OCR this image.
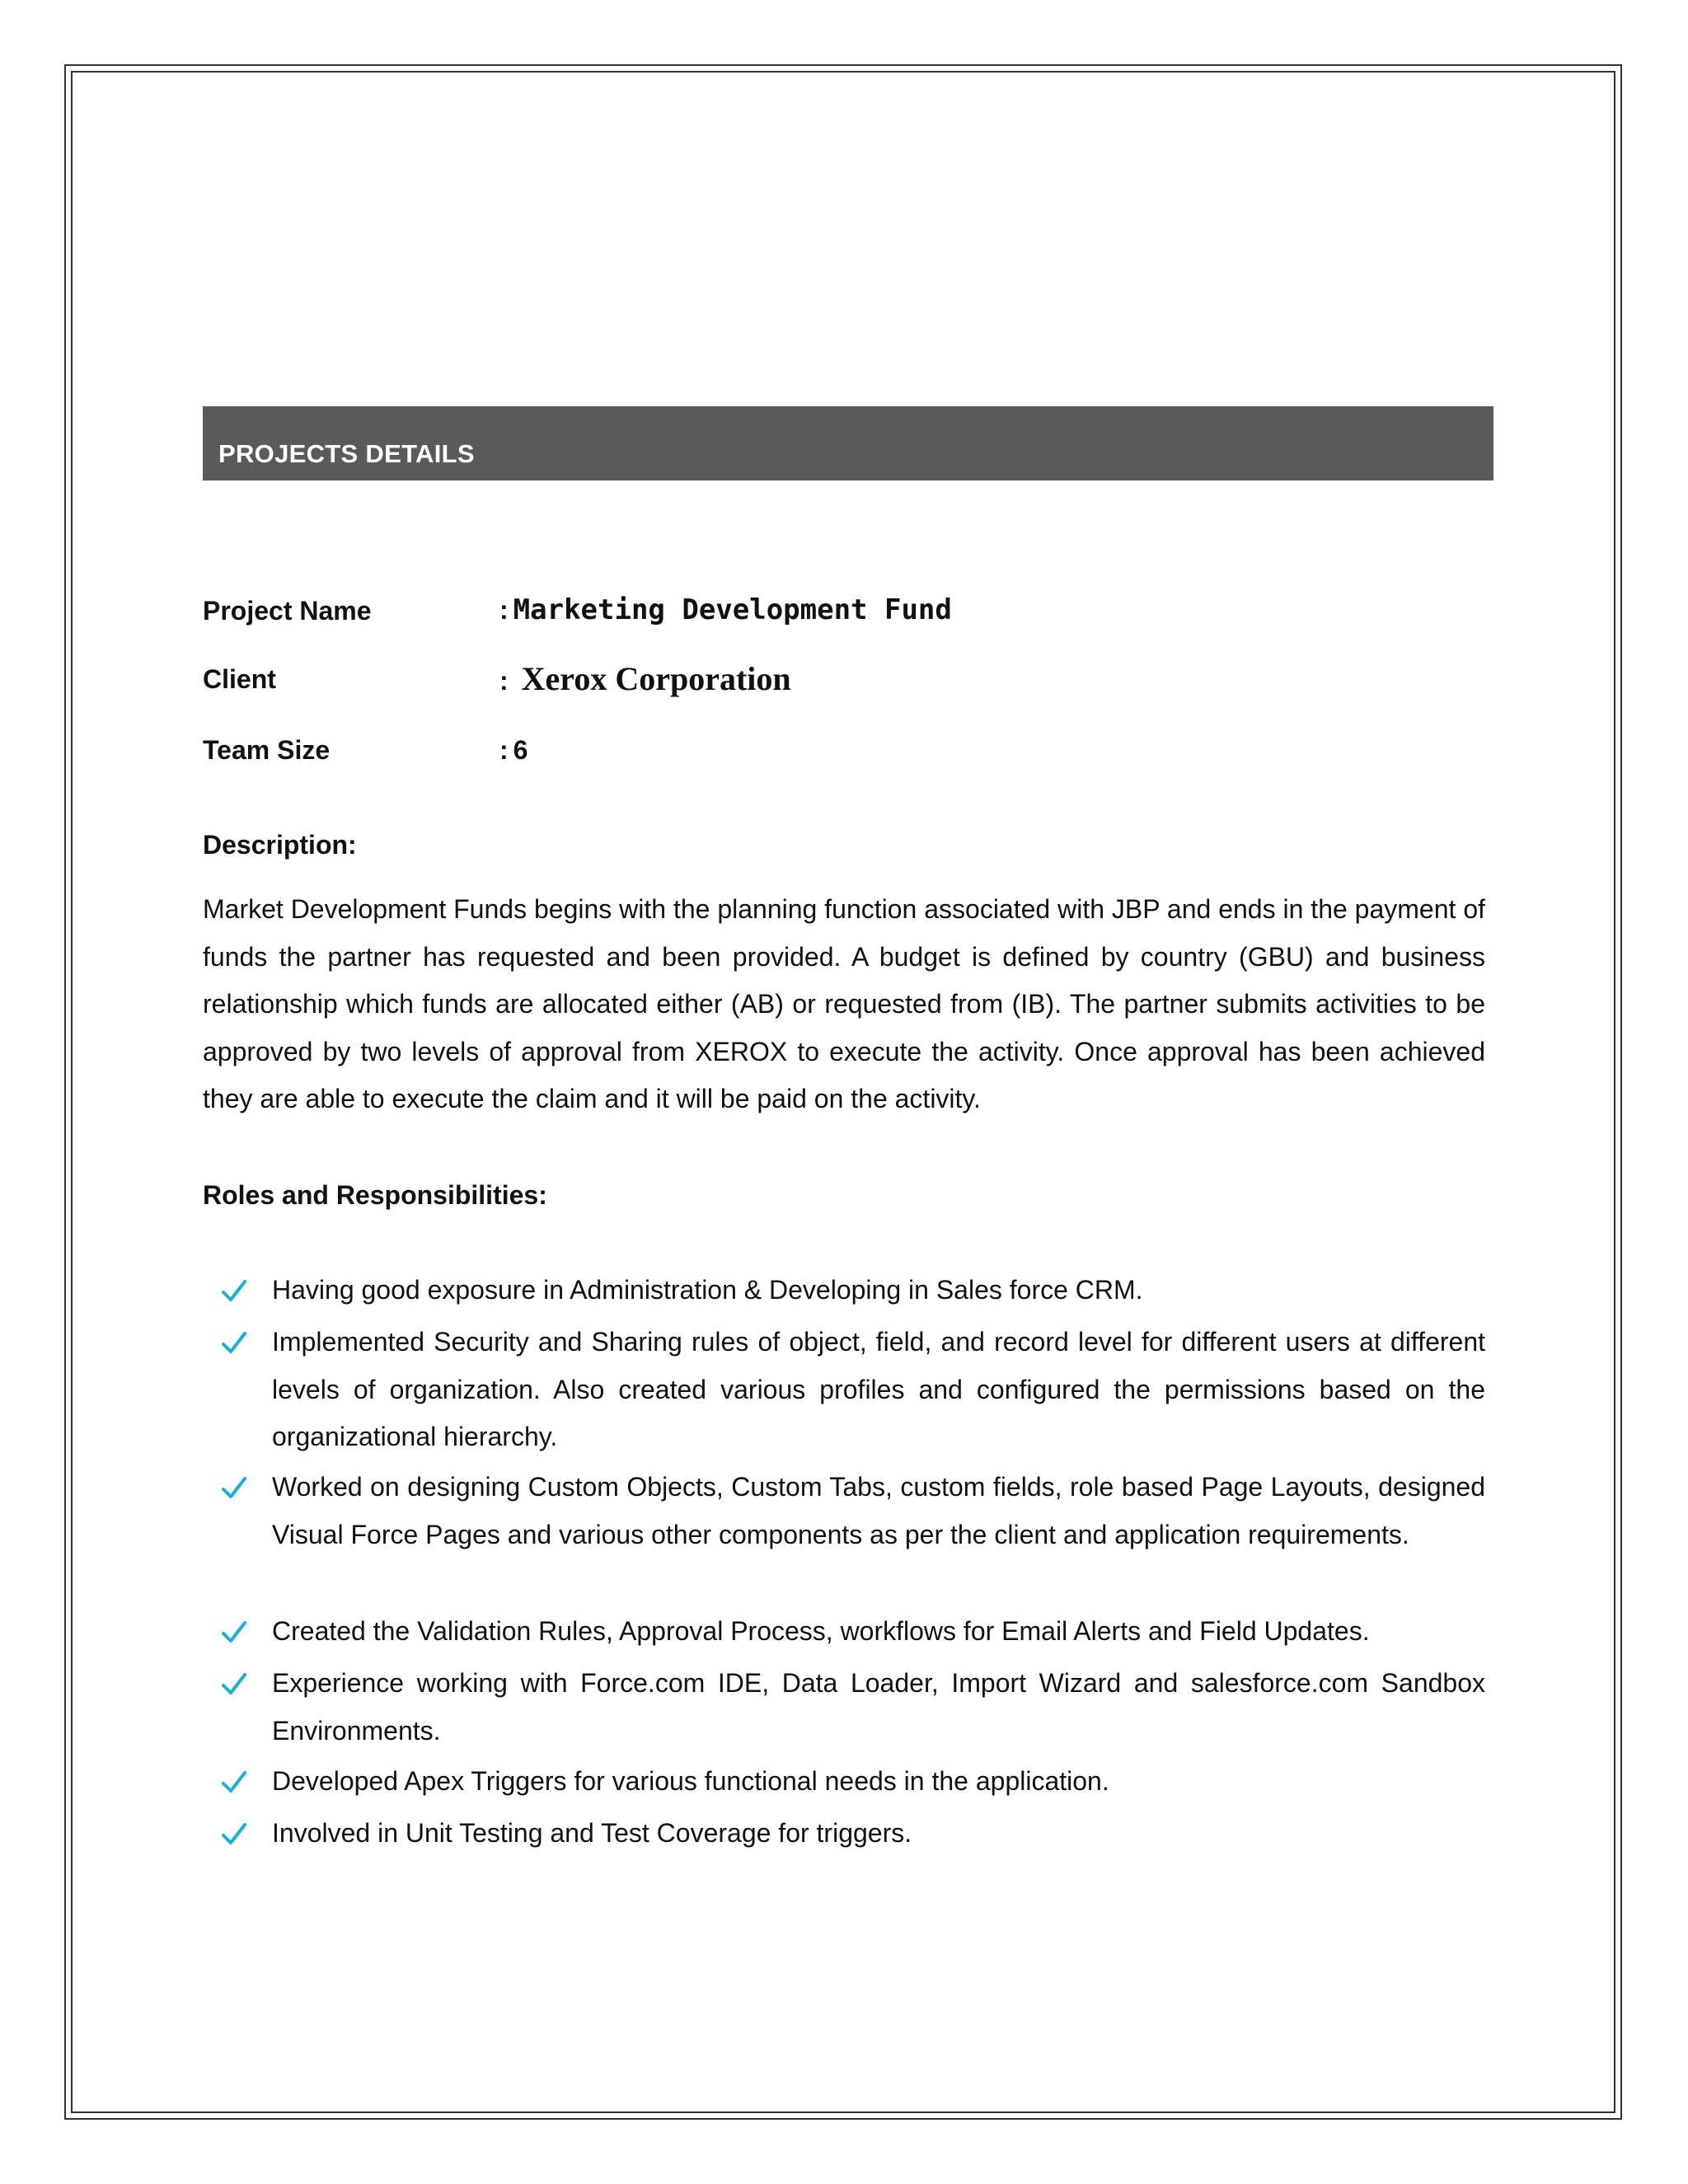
PROJECTS DETAILS
Project Name	: Marketing Development Fund
Client	: Xerox Corporation
Team Size	: 6
Description:

Market Development Funds begins with the planning function associated with JBP and ends in the payment of funds the partner has requested and been provided. A budget is defined by country (GBU) and business relationship which funds are allocated either (AB) or requested from (IB). The partner submits activities to be approved by two levels of approval from XEROX to execute the activity. Once approval has been achieved they are able to execute the claim and it will be paid on the activity.

Roles and Responsibilities:
Having good exposure in Administration & Developing in Sales force CRM.
Implemented Security and Sharing rules of object, field, and record level for different users at different levels of organization. Also created various profiles and configured the permissions based on the organizational hierarchy.
Worked on designing Custom Objects, Custom Tabs, custom fields, role based Page Layouts, designed Visual Force Pages and various other components as per the client and application requirements.
Created the Validation Rules, Approval Process, workflows for Email Alerts and Field Updates.
Experience working with Force.com IDE, Data Loader, Import Wizard and salesforce.com Sandbox Environments.
Developed Apex Triggers for various functional needs in the application.
Involved in Unit Testing and Test Coverage for triggers.
